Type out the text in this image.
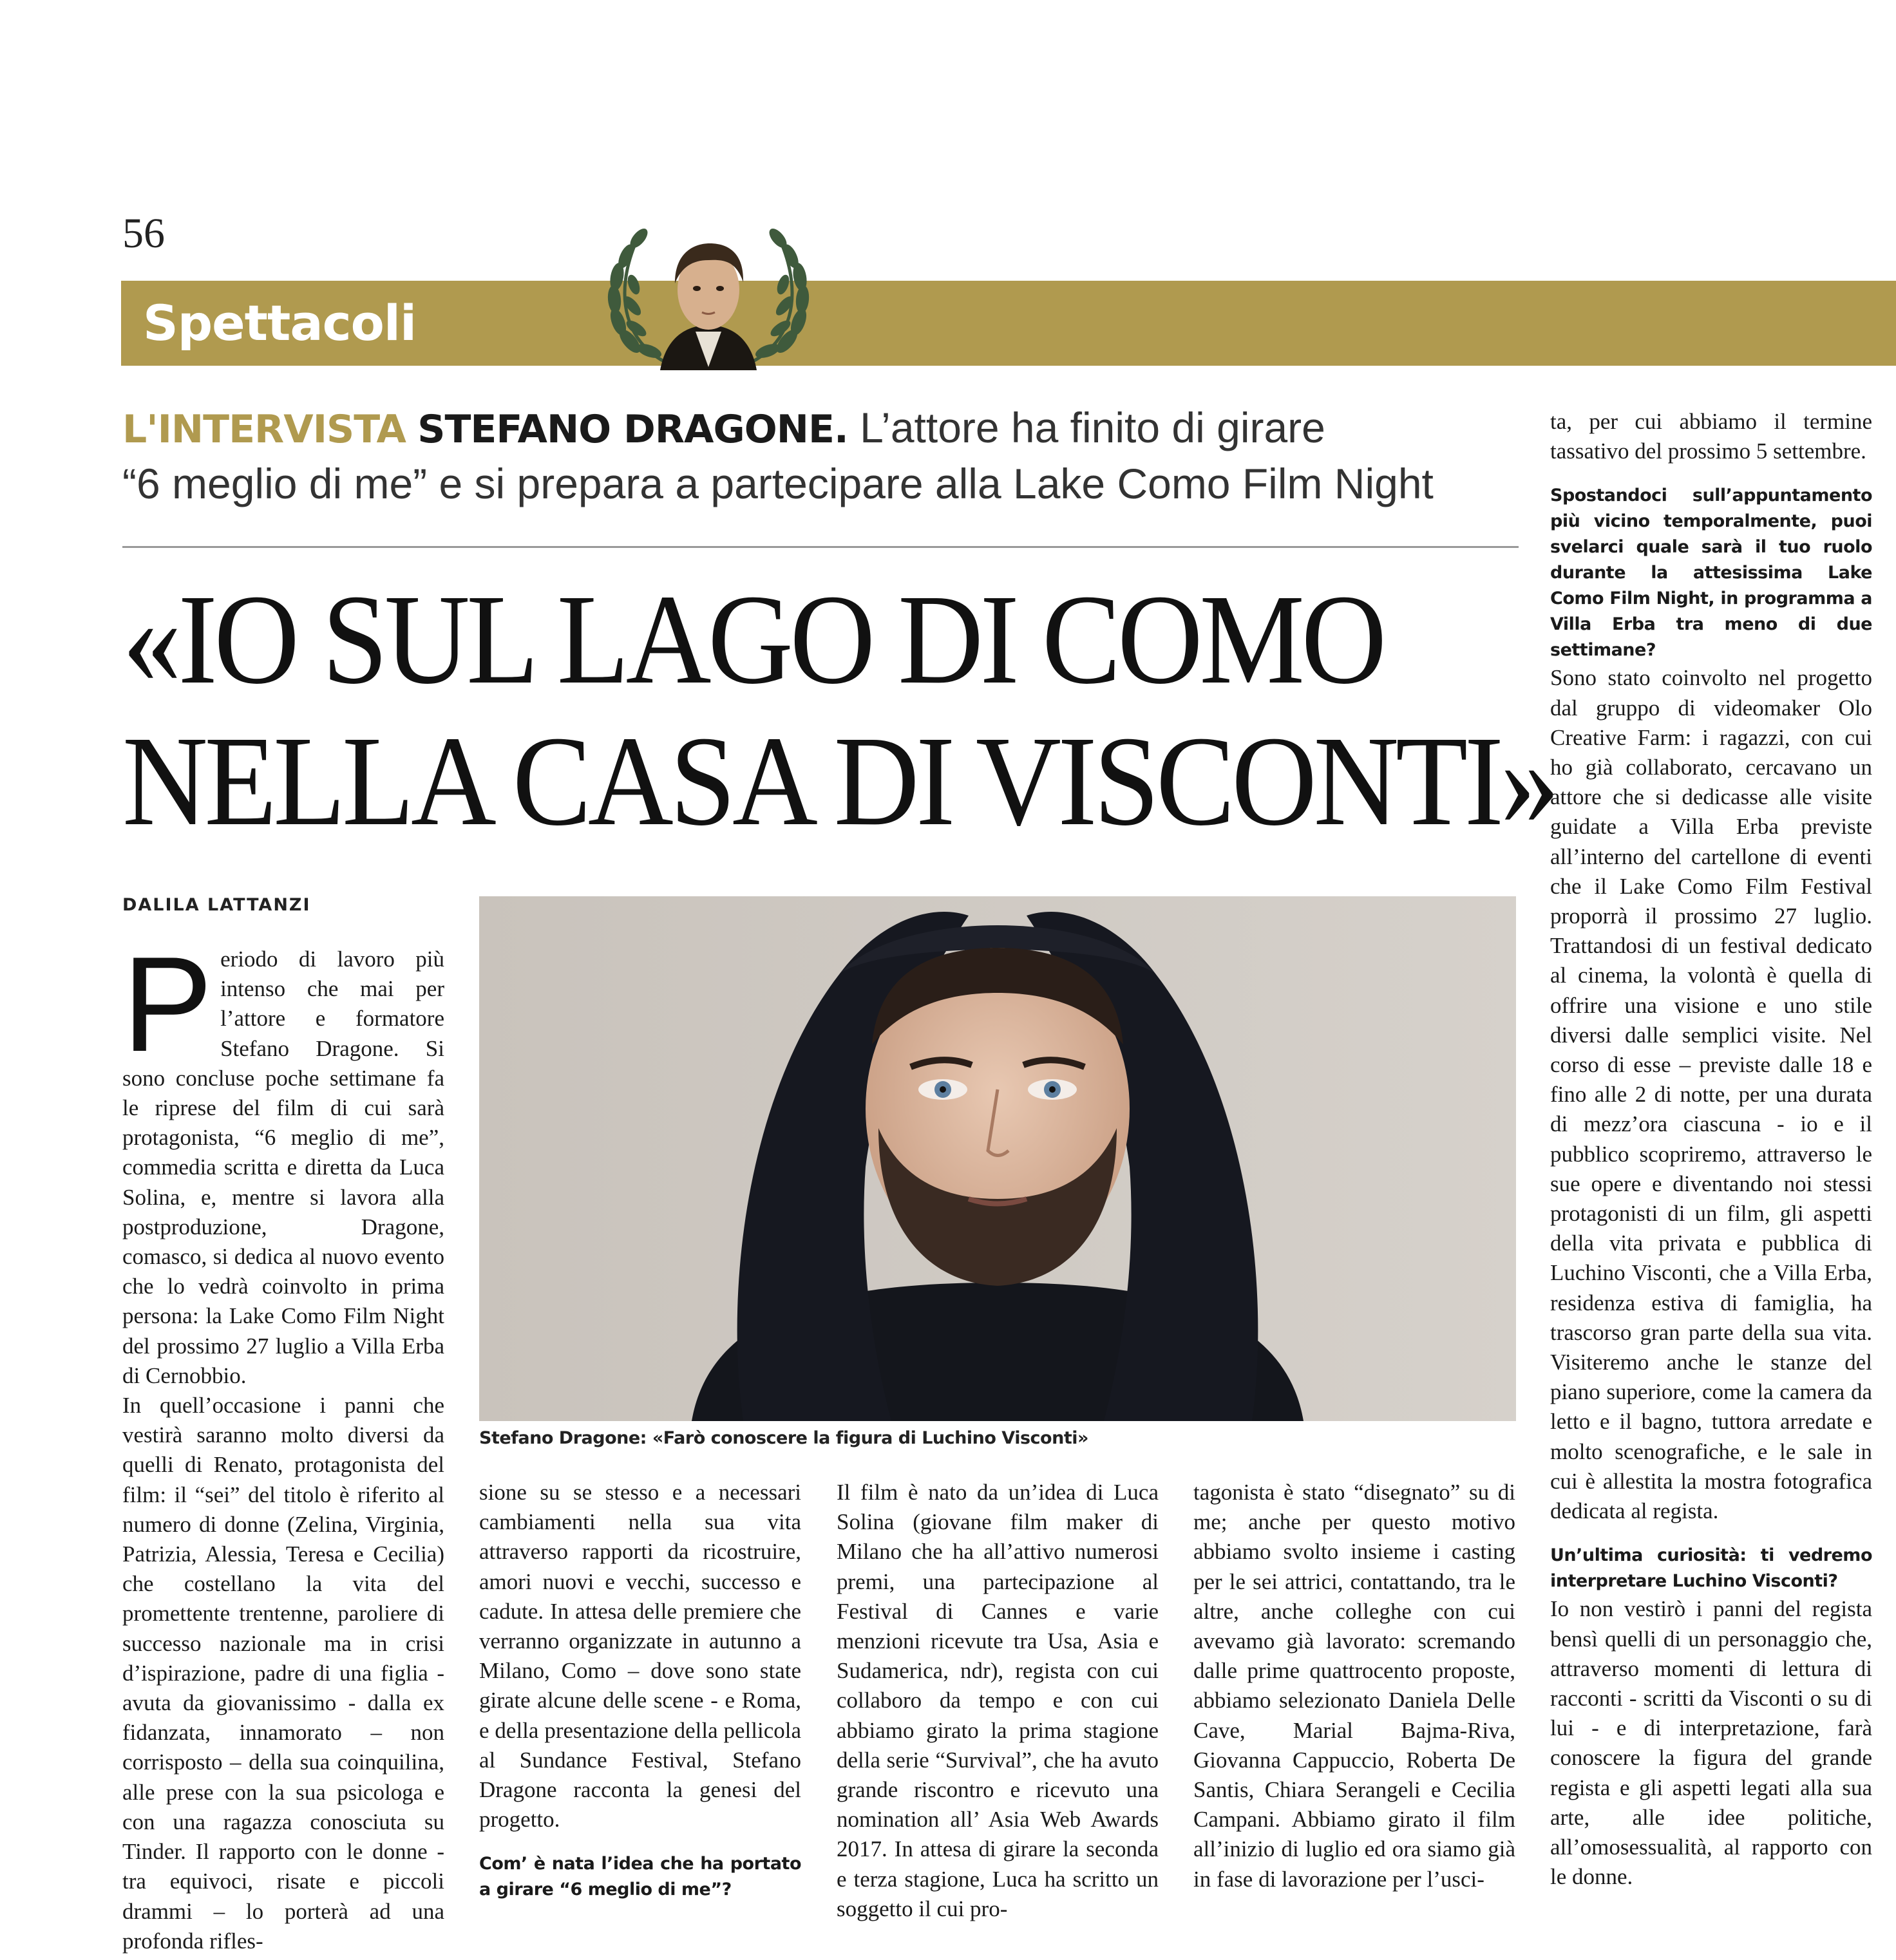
56
Spettacoli
L'INTERVISTA STEFANO DRAGONE. L’attore ha finito di girare
“6 meglio di me” e si prepara a partecipare alla Lake Como Film Night
«IO SUL LAGO DI COMO
NELLA CASA DI VISCONTI»
DALILA LATTANZI
Stefano Dragone: «Farò conoscere la figura di Luchino Visconti»
P eriodo di lavoro più intenso che mai per l’attore e formatore Stefano Dragone. Si sono concluse poche settimane fa le riprese del film di cui sarà protagonista, “6 meglio di me”, commedia scritta e diretta da Luca Solina, e, mentre si lavora alla postproduzione, Dragone, comasco, si dedica al nuovo evento che lo vedrà coinvolto in prima persona: la Lake Como Film Night del prossimo 27 luglio a Villa Erba di Cernobbio.

In quell’occasione i panni che vestirà saranno molto diversi da quelli di Renato, protagonista del film: il “sei” del titolo è riferito al numero di donne (Zelina, Virginia, Patrizia, Alessia, Teresa e Cecilia) che costellano la vita del promettente trentenne, paroliere di successo nazionale ma in crisi d’ispirazione, padre di una figlia -avuta da giovanissimo - dalla ex fidanzata, innamorato – non corrisposto – della sua coinquilina, alle prese con la sua psicologa e con una ragazza conosciuta su Tinder. Il rapporto con le donne - tra equivoci, risate e piccoli drammi – lo porterà ad una profonda rifles-

sione su se stesso e a necessari cambiamenti nella sua vita attraverso rapporti da ricostruire, amori nuovi e vecchi, successo e cadute. In attesa delle premiere che verranno organizzate in autunno a Milano, Como – dove sono state girate alcune delle scene - e Roma, e della presentazione della pellicola al Sundance Festival, Stefano Dragone racconta la genesi del progetto.

Com’ è nata l’idea che ha portato a girare “6 meglio di me”?

Il film è nato da un’idea di Luca Solina (giovane film maker di Milano che ha all’attivo numerosi premi, una partecipazione al Festival di Cannes e varie menzioni ricevute tra Usa, Asia e Sudamerica, ndr), regista con cui collaboro da tempo e con cui abbiamo girato la prima stagione della serie “Survival”, che ha avuto grande riscontro e ricevuto una nomination all’ Asia Web Awards 2017. In attesa di girare la seconda e terza stagione, Luca ha scritto un soggetto il cui pro-

tagonista è stato “disegnato” su di me; anche per questo motivo abbiamo svolto insieme i casting per le sei attrici, contattando, tra le altre, anche colleghe con cui avevamo già lavorato: scremando dalle prime quattrocento proposte, abbiamo selezionato Daniela Delle Cave, Marial Bajma-Riva, Giovanna Cappuccio, Roberta De Santis, Chiara Serangeli e Cecilia Campani. Abbiamo girato il film all’inizio di luglio ed ora siamo già in fase di lavorazione per l’usci-

ta, per cui abbiamo il termine tassativo del prossimo 5 settembre.

Spostandoci sull’appuntamento più vicino temporalmente, puoi svelarci quale sarà il tuo ruolo durante la attesissima Lake Como Film Night, in programma a Villa Erba tra meno di due settimane?

Sono stato coinvolto nel progetto dal gruppo di videomaker Olo Creative Farm: i ragazzi, con cui ho già collaborato, cercavano un attore che si dedicasse alle visite guidate a Villa Erba previste all’interno del cartellone di eventi che il Lake Como Film Festival proporrà il prossimo 27 luglio. Trattandosi di un festival dedicato al cinema, la volontà è quella di offrire una visione e uno stile diversi dalle semplici visite. Nel corso di esse – previste dalle 18 e fino alle 2 di notte, per una durata di mezz’ora ciascuna - io e il pubblico scopriremo, attraverso le sue opere e diventando noi stessi protagonisti di un film, gli aspetti della vita privata e pubblica di Luchino Visconti, che a Villa Erba, residenza estiva di famiglia, ha trascorso gran parte della sua vita. Visiteremo anche le stanze del piano superiore, come la camera da letto e il bagno, tuttora arredate e molto scenografiche, e le sale in cui è allestita la mostra fotografica dedicata al regista.

Un’ultima curiosità: ti vedremo interpretare Luchino Visconti?

Io non vestirò i panni del regista bensì quelli di un personaggio che, attraverso momenti di lettura di racconti - scritti da Visconti o su di lui - e di interpretazione, farà conoscere la figura del grande regista e gli aspetti legati alla sua arte, alle idee politiche, all’omosessualità, al rapporto con le donne.
